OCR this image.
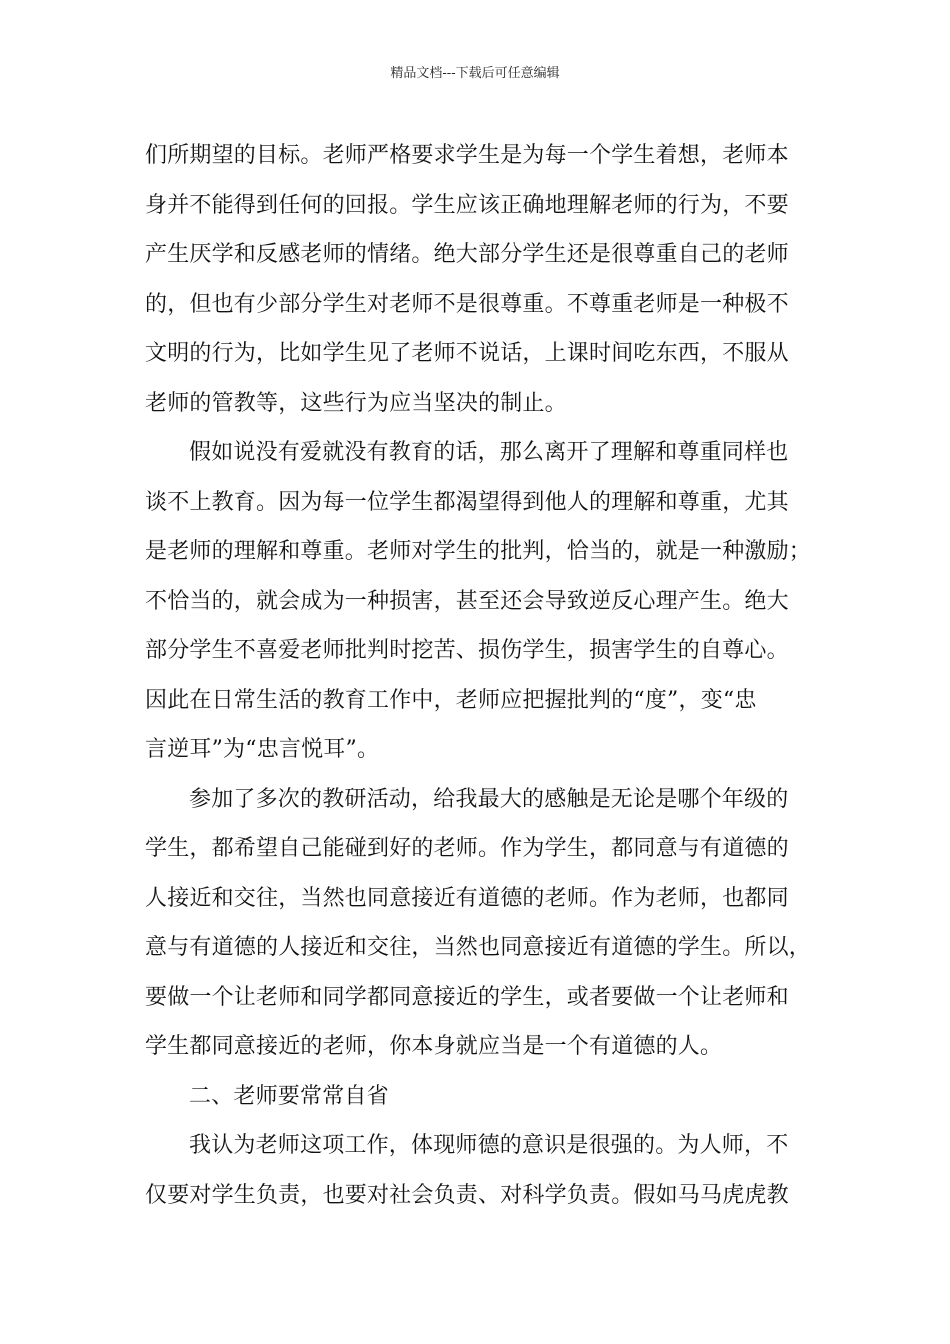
精品文档---下载后可任意编辑
们所期望的目标。老师严格要求学生是为每一个学生着想，老师本
身并不能得到任何的回报。学生应该正确地理解老师的行为，不要
产生厌学和反感老师的情绪。绝大部分学生还是很尊重自己的老师
的，但也有少部分学生对老师不是很尊重。不尊重老师是一种极不
文明的行为，比如学生见了老师不说话，上课时间吃东西，不服从
老师的管教等，这些行为应当坚决的制止。
假如说没有爱就没有教育的话，那么离开了理解和尊重同样也
谈不上教育。因为每一位学生都渴望得到他人的理解和尊重，尤其
是老师的理解和尊重。老师对学生的批判，恰当的，就是一种激励；
不恰当的，就会成为一种损害，甚至还会导致逆反心理产生。绝大
部分学生不喜爱老师批判时挖苦、损伤学生，损害学生的自尊心。
因此在日常生活的教育工作中，老师应把握批判的“度”，变“忠
言逆耳”为“忠言悦耳”。
参加了多次的教研活动，给我最大的感触是无论是哪个年级的
学生，都希望自己能碰到好的老师。作为学生，都同意与有道德的
人接近和交往，当然也同意接近有道德的老师。作为老师，也都同
意与有道德的人接近和交往，当然也同意接近有道德的学生。所以，
要做一个让老师和同学都同意接近的学生，或者要做一个让老师和
学生都同意接近的老师，你本身就应当是一个有道德的人。
二、老师要常常自省
我认为老师这项工作，体现师德的意识是很强的。为人师，不
仅要对学生负责，也要对社会负责、对科学负责。假如马马虎虎教
